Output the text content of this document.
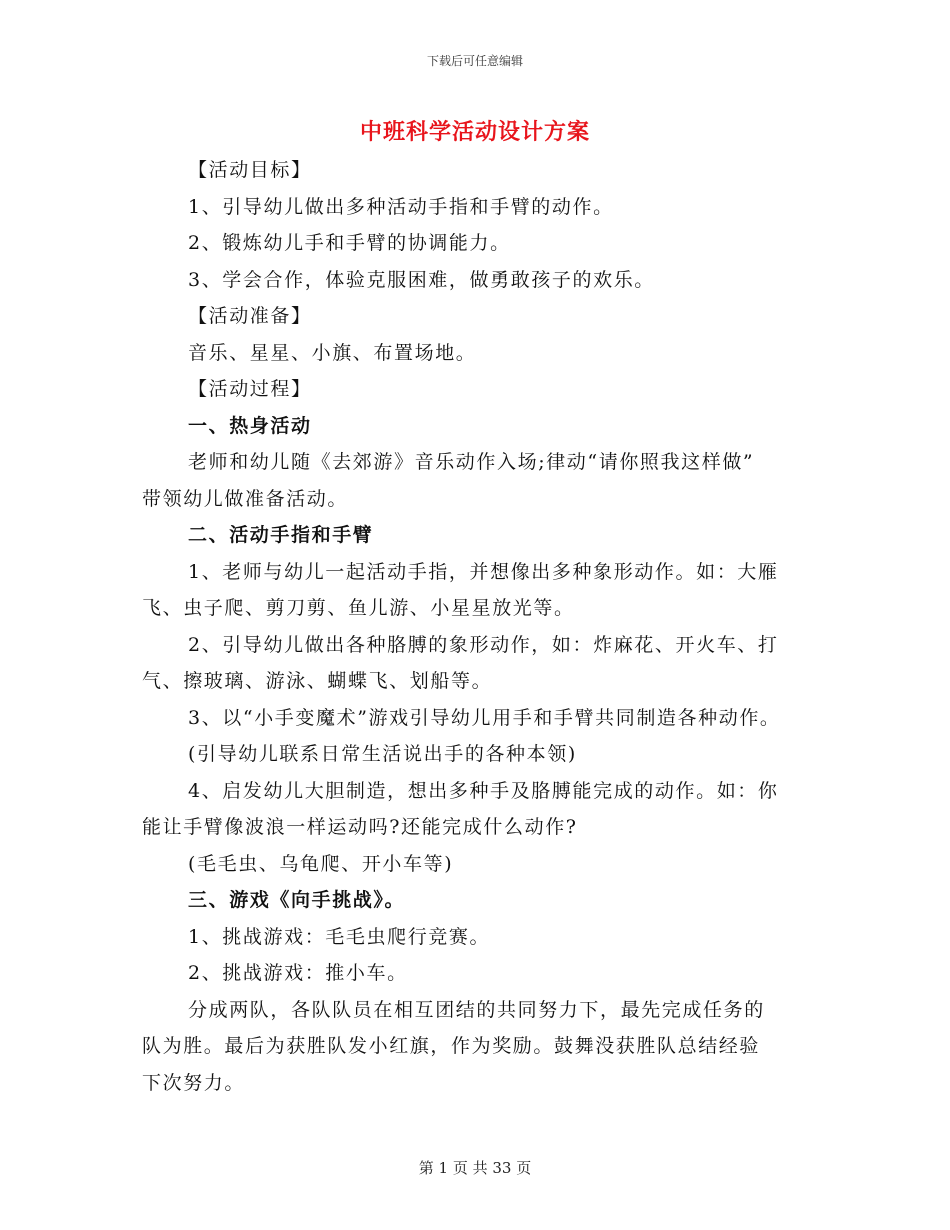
下载后可任意编辑
中班科学活动设计方案
【活动目标】
1、引导幼儿做出多种活动手指和手臂的动作。
2、锻炼幼儿手和手臂的协调能力。
3、学会合作，体验克服困难，做勇敢孩子的欢乐。
【活动准备】
音乐、星星、小旗、布置场地。
【活动过程】
一、热身活动
老师和幼儿随《去郊游》音乐动作入场;律动“请你照我这样做”
带领幼儿做准备活动。
二、活动手指和手臂
1、老师与幼儿一起活动手指，并想像出多种象形动作。如：大雁
飞、虫子爬、剪刀剪、鱼儿游、小星星放光等。
2、引导幼儿做出各种胳膊的象形动作，如：炸麻花、开火车、打
气、擦玻璃、游泳、蝴蝶飞、划船等。
3、以“小手变魔术”游戏引导幼儿用手和手臂共同制造各种动作。
(引导幼儿联系日常生活说出手的各种本领)
4、启发幼儿大胆制造，想出多种手及胳膊能完成的动作。如：你
能让手臂像波浪一样运动吗?还能完成什么动作?
(毛毛虫、乌龟爬、开小车等)
三、游戏《向手挑战》。
1、挑战游戏：毛毛虫爬行竞赛。
2、挑战游戏：推小车。
分成两队，各队队员在相互团结的共同努力下，最先完成任务的
队为胜。最后为获胜队发小红旗，作为奖励。鼓舞没获胜队总结经验
下次努力。
第 1 页 共 33 页
